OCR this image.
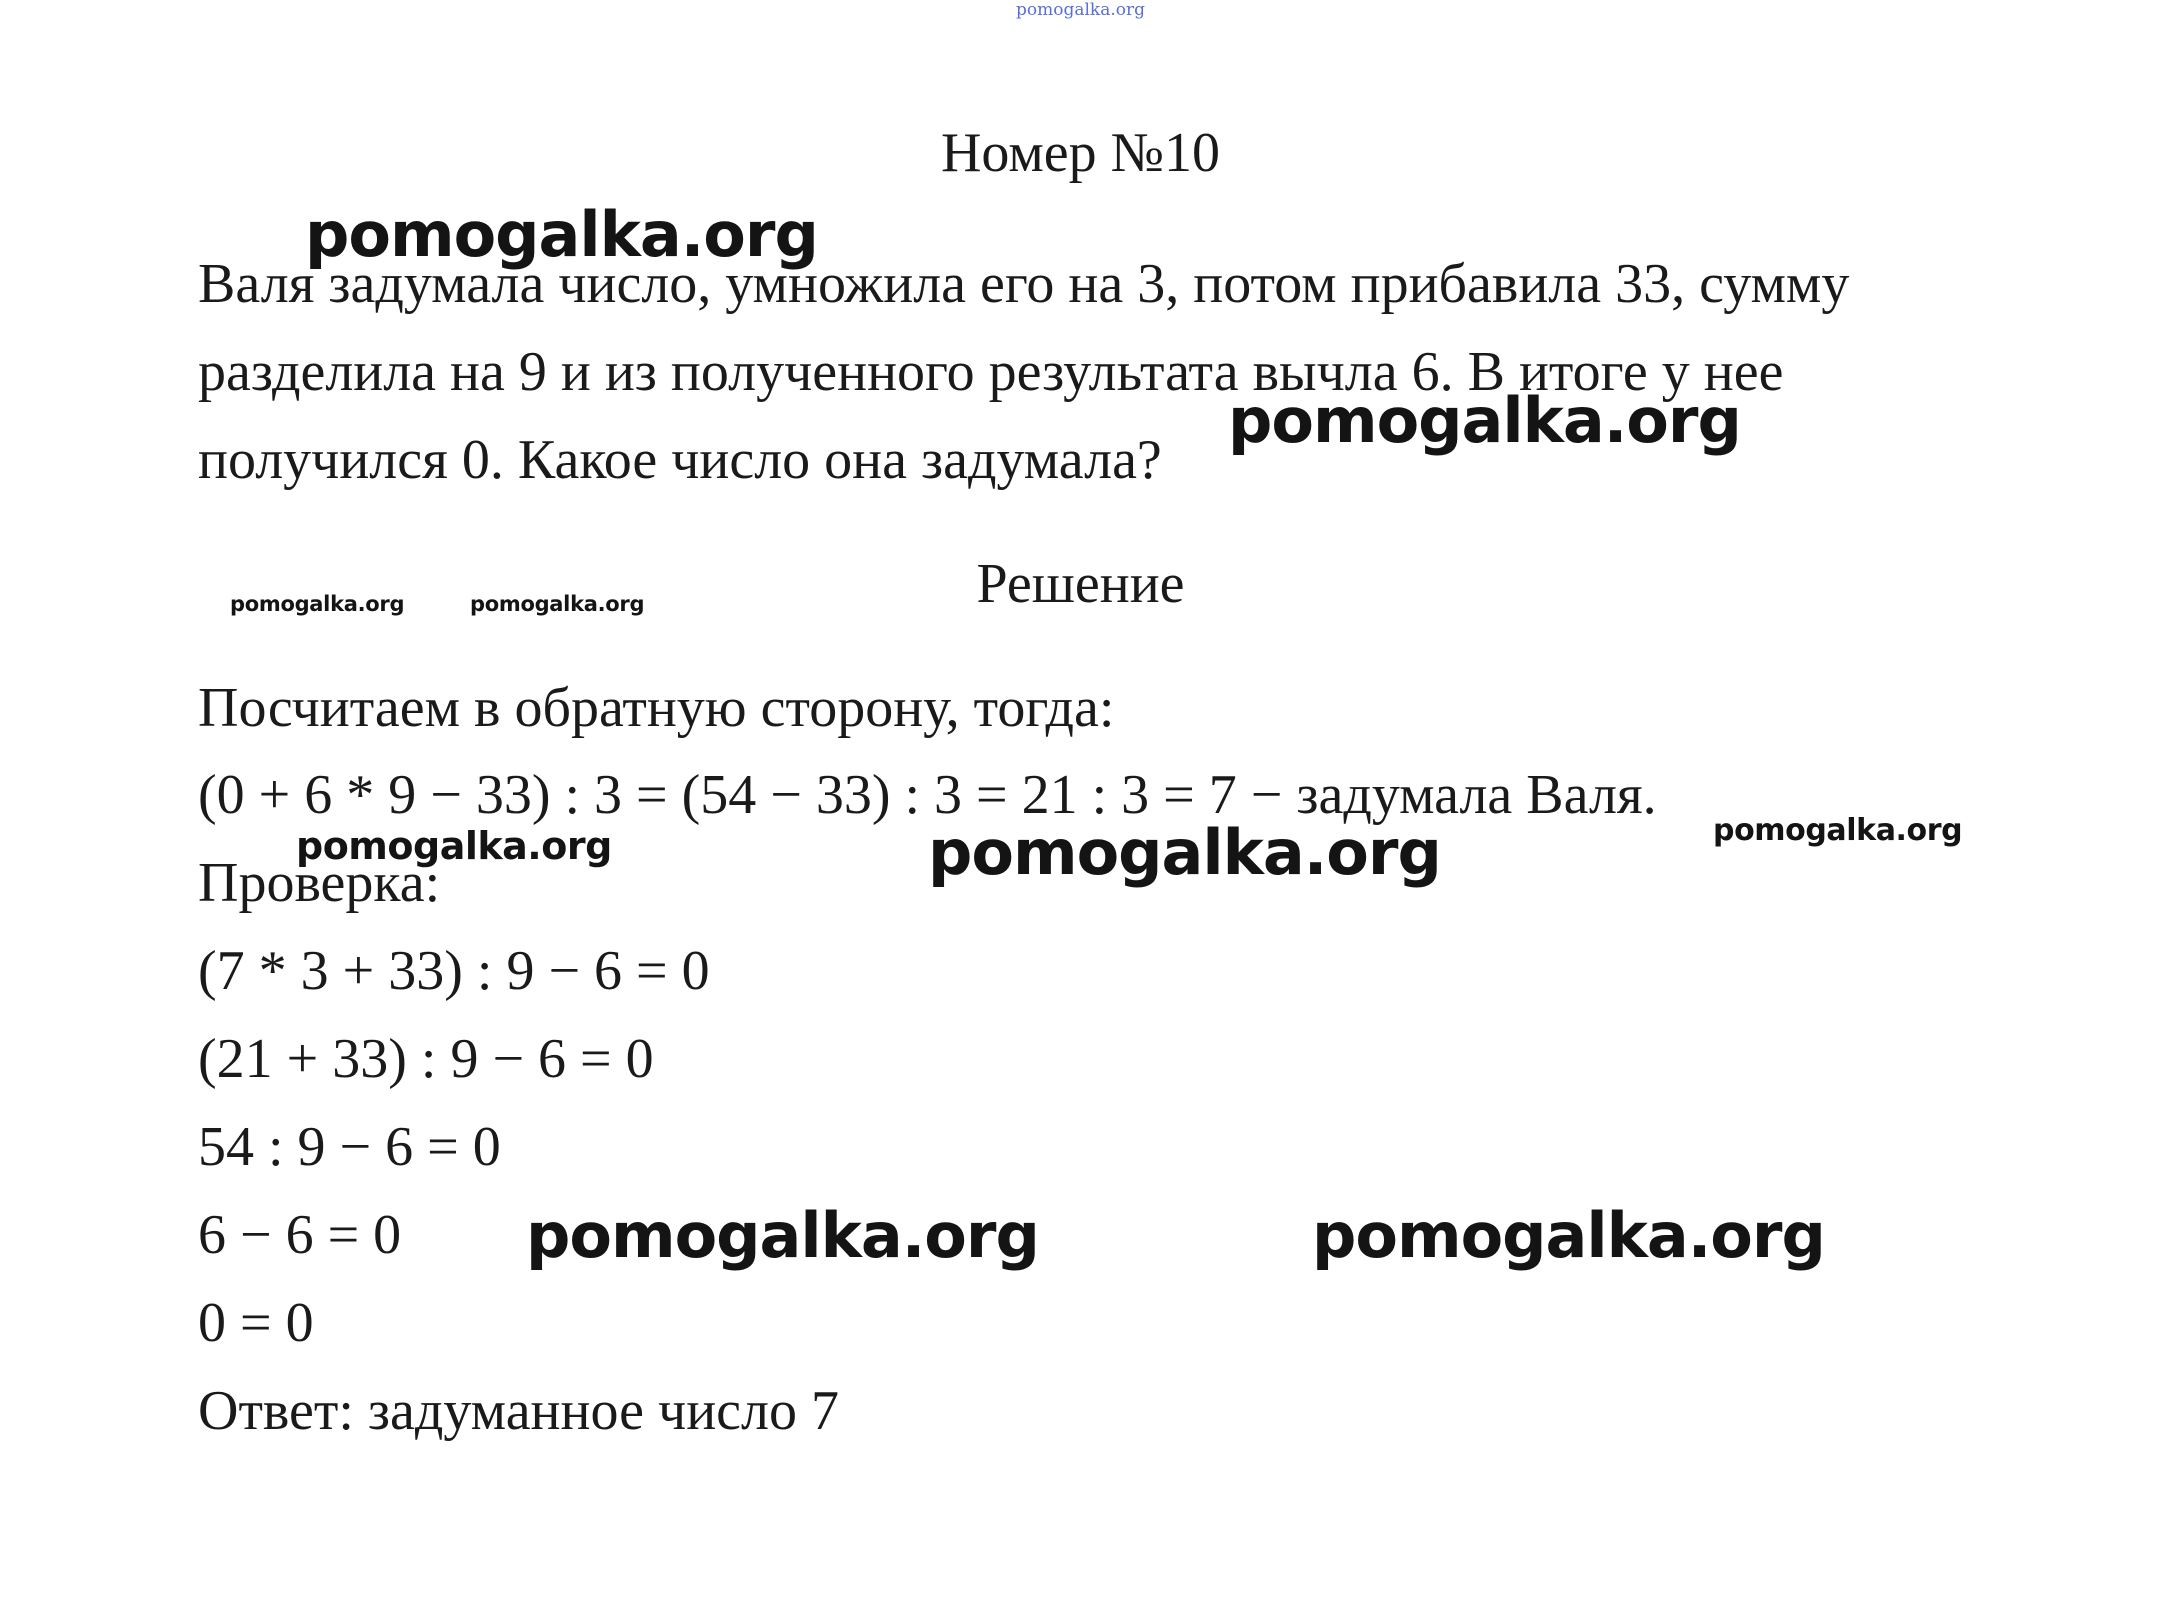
pomogalka.org
Номер №10
Валя задумала число, умножила его на 3, потом прибавила 33, сумму
разделила на 9 и из полученного результата вычла 6. В итоге у нее
получился 0. Какое число она задумала?
Решение
Посчитаем в обратную сторону, тогда:
(0 + 6 * 9 − 33) : 3 = (54 − 33) : 3 = 21 : 3 = 7 − задумала Валя.
Проверка:
(7 * 3 + 33) : 9 − 6 = 0
(21 + 33) : 9 − 6 = 0
54 : 9 − 6 = 0
6 − 6 = 0
0 = 0
Ответ: задуманное число 7
pomogalka.org
pomogalka.org
pomogalka.org
pomogalka.org	pomogalka.org
pomogalka.org
pomogalka.org	pomogalka.org
pomogalka.org
